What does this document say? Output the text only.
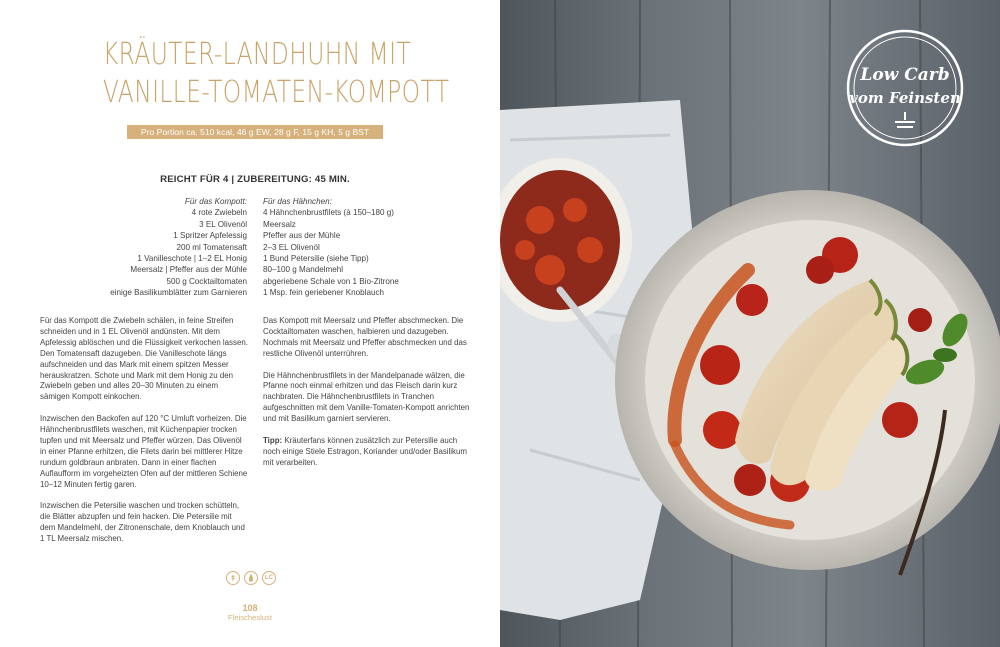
KRÄUTER-LANDHUHN MIT
VANILLE-TOMATEN-KOMPOTT
Pro Portion ca. 510 kcal, 46 g EW, 28 g F, 15 g KH, 5 g BST
REICHT FÜR 4 | ZUBEREITUNG: 45 MIN.
Für das Kompott:
4 rote Zwiebeln
3 EL Olivenöl
1 Spritzer Apfelessig
200 ml Tomatensaft
1 Vanilleschote | 1–2 EL Honig
Meersalz | Pfeffer aus der Mühle
500 g Cocktailtomaten
einige Basilikumblätter zum Garnieren
Für das Hähnchen:
4 Hähnchenbrustfilets (à 150–180 g)
Meersalz
Pfeffer aus der Mühle
2–3 EL Olivenöl
1 Bund Petersilie (siehe Tipp)
80–100 g Mandelmehl
abgeriebene Schale von 1 Bio-Zitrone
1 Msp. fein geriebener Knoblauch

Für das Kompott die Zwiebeln schälen, in feine Streifen schneiden und in 1 EL Olivenöl andünsten. Mit dem Apfelessig ablöschen und die Flüssigkeit verkochen lassen. Den Tomatensaft dazugeben. Die Vanilleschote längs aufschneiden und das Mark mit einem spitzen Messer herauskratzen. Schote und Mark mit dem Honig zu den Zwiebeln geben und alles 20–30 Minuten zu einem sämigen Kompott einkochen.

Inzwischen den Backofen auf 120 °C Umluft vorheizen. Die Hähnchenbrustfilets waschen, mit Küchenpapier trocken tupfen und mit Meersalz und Pfeffer würzen. Das Olivenöl in einer Pfanne erhitzen, die Filets darin bei mittlerer Hitze rundum goldbraun anbraten. Dann in einer flachen Auflaufform im vorgeheizten Ofen auf der mittleren Schiene 10–12 Minuten fertig garen.

Inzwischen die Petersilie waschen und trocken schütteln, die Blätter abzupfen und fein hacken. Die Petersilie mit dem Mandelmehl, der Zitronenschale, dem Knoblauch und 1 TL Meersalz mischen.

Das Kompott mit Meersalz und Pfeffer abschmecken. Die Cocktailtomaten waschen, halbieren und dazugeben. Nochmals mit Meersalz und Pfeffer abschmecken und das restliche Olivenöl unterrühren.

Die Hähnchenbrustfilets in der Mandelpanade wälzen, die Pfanne noch einmal erhitzen und das Fleisch darin kurz nachbraten. Die Hähnchenbrustfilets in Tranchen aufgeschnitten mit dem Vanille-Tomaten-Kompott anrichten und mit Basilikum garniert servieren.

Tipp: Kräuterfans können zusätzlich zur Petersilie auch noch einige Stiele Estragon, Koriander und/oder Basilikum mit verarbeiten.

LC
108
Fleischeslust
Low Carb
vom Feinsten
